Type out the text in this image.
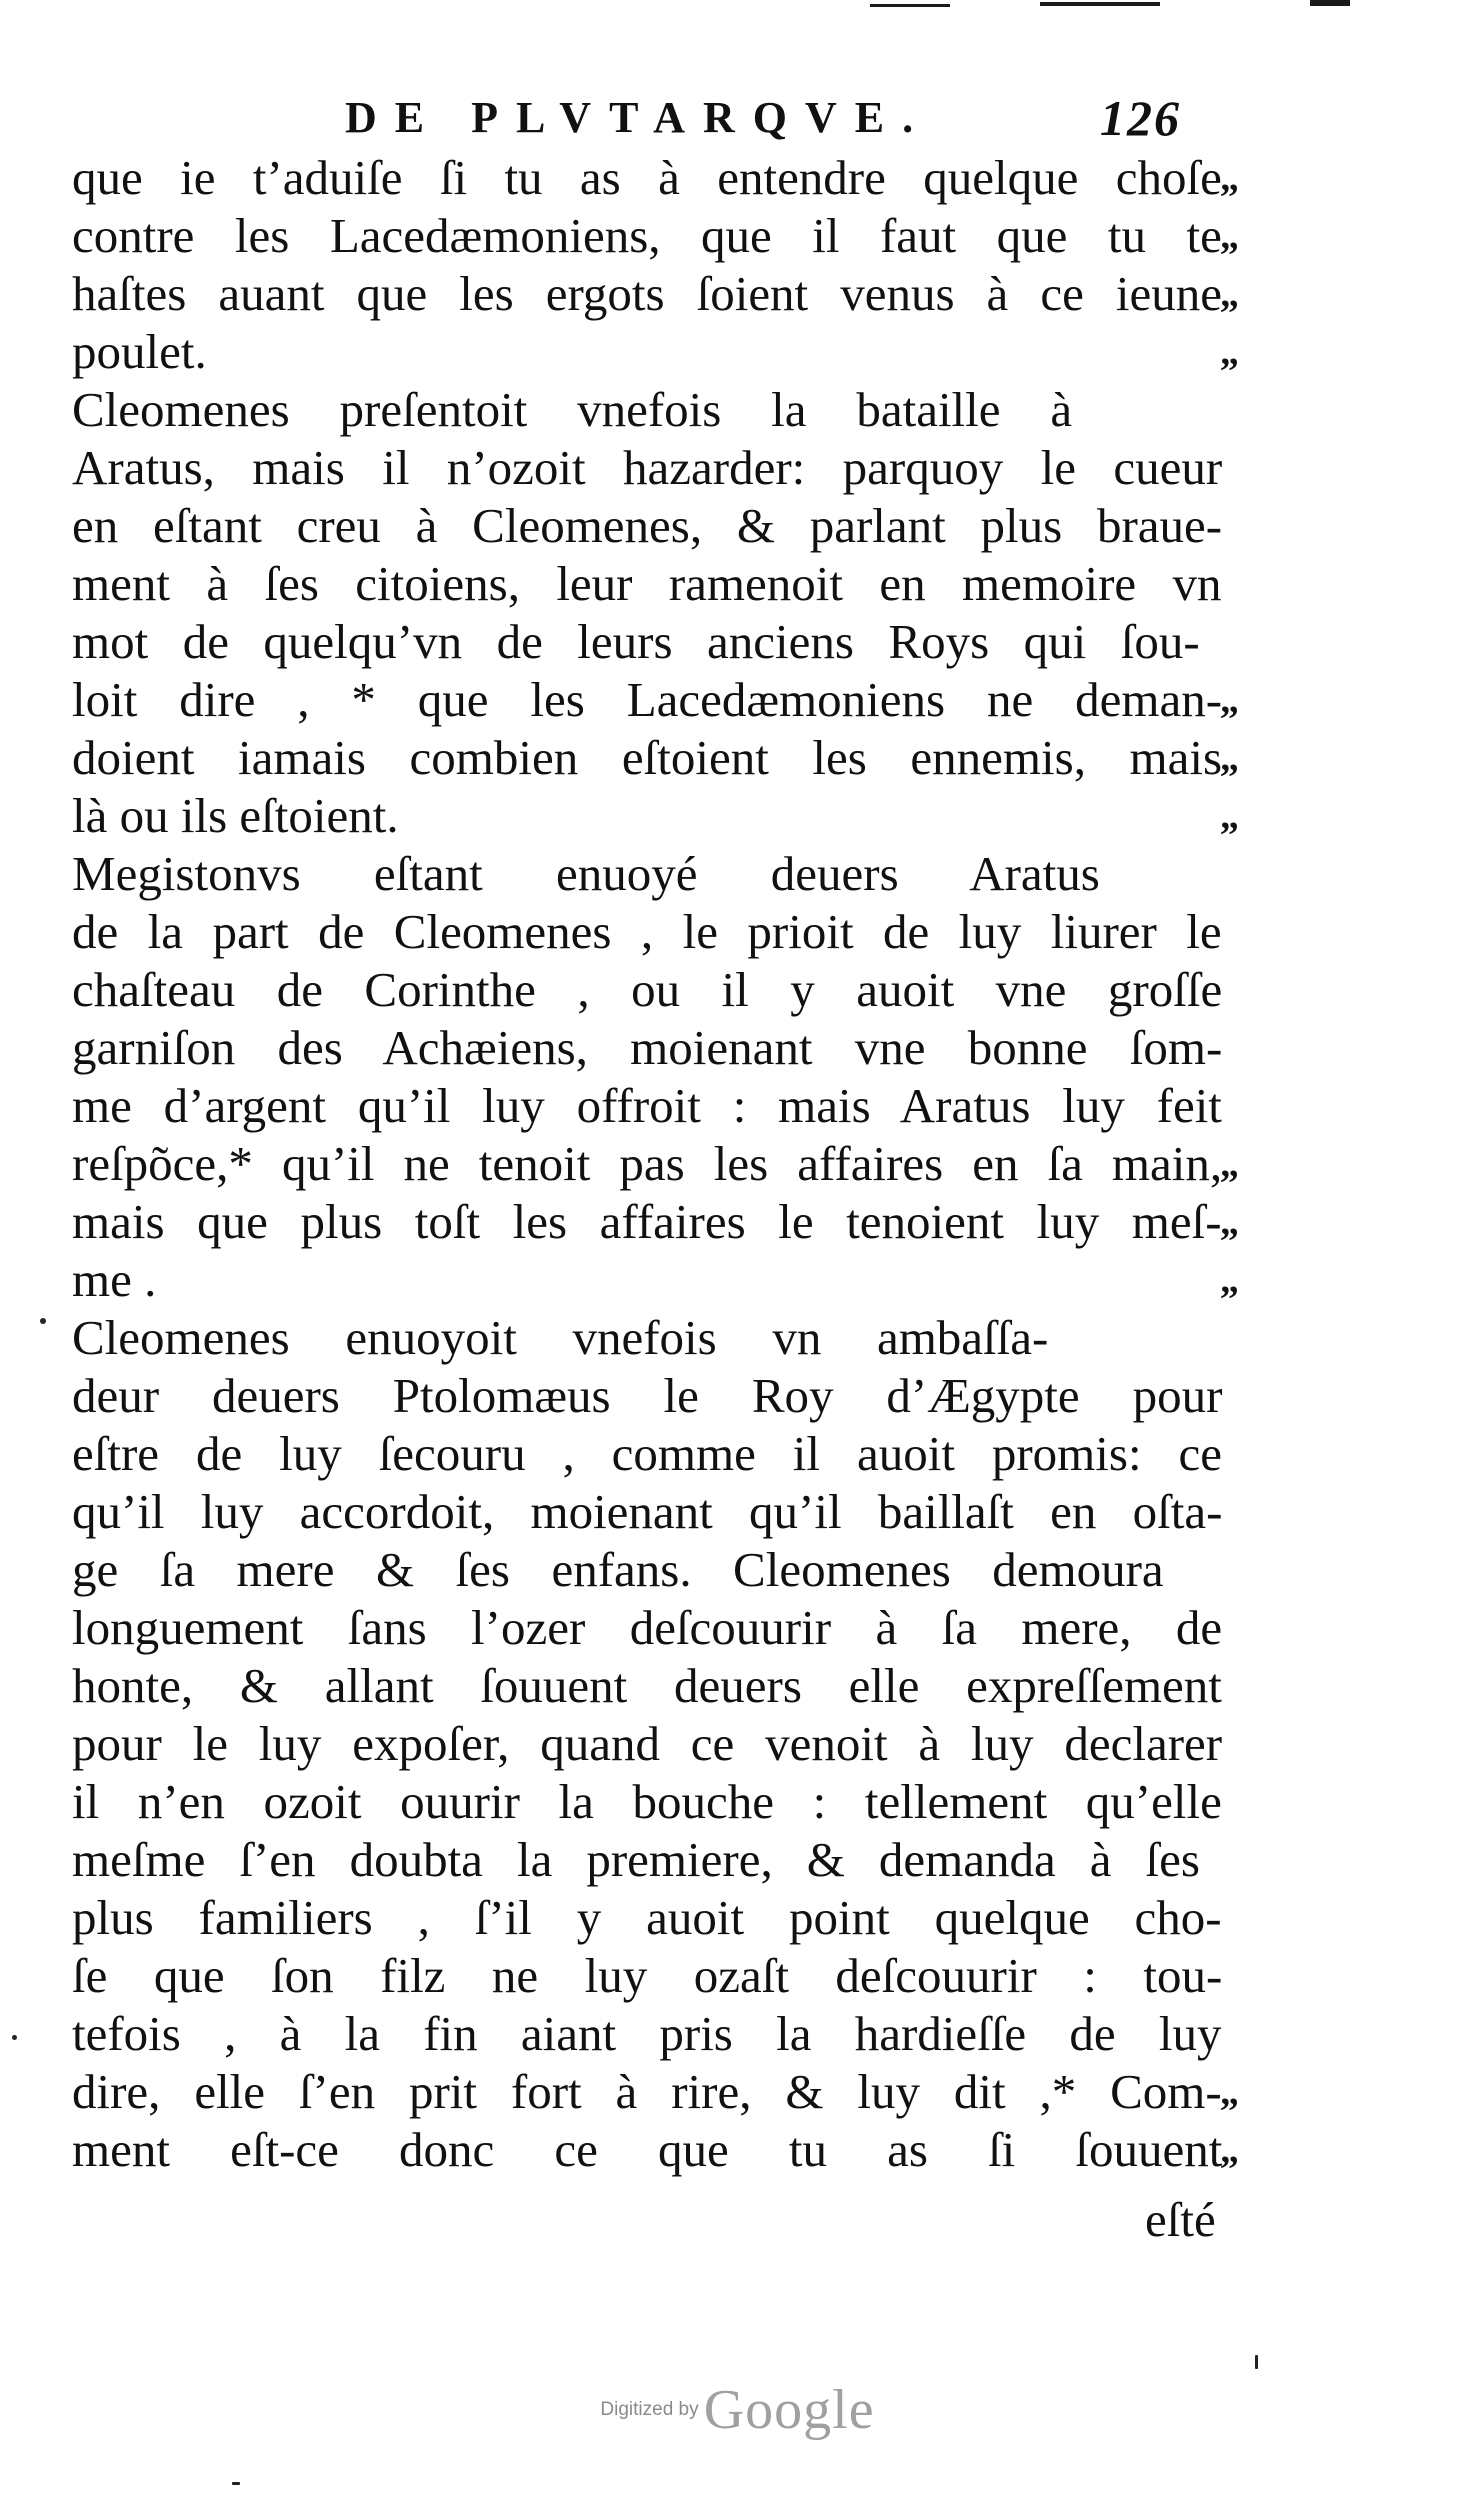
DE PLVTARQVE.	126
que ie t’aduiſe ſi tu as à entendre quelque choſe
„
contre les Lacedæmoniens, que il faut que tu te
„
haſtes auant que les ergots ſoient venus à ce ieune
„
poulet.	„
Cleomenes preſentoit vnefois la bataille à
Aratus, mais il n’ozoit hazarder: parquoy le cueur
en eſtant creu à Cleomenes, & parlant plus braue-
ment à ſes citoiens, leur ramenoit en memoire vn
mot de quelqu’vn de leurs anciens Roys qui ſou-
loit dire , * que les Lacedæmoniens ne deman-
„
doient iamais combien eſtoient les ennemis, mais
„
là ou ils eſtoient.	„
Megistonvs eſtant enuoyé deuers Aratus
de la part de Cleomenes , le prioit de luy liurer le
chaſteau de Corinthe , ou il y auoit vne groſſe
garniſon des Achæiens, moienant vne bonne ſom-
me d’argent qu’il luy offroit : mais Aratus luy feit
reſpõce,* qu’il ne tenoit pas les affaires en ſa main,
„
mais que plus toſt les affaires le tenoient luy meſ-
„
me .	„
Cleomenes enuoyoit vnefois vn ambaſſa-
deur deuers Ptolomæus le Roy d’Ægypte pour
eſtre de luy ſecouru , comme il auoit promis: ce
qu’il luy accordoit, moienant qu’il baillaſt en oſta-
ge ſa mere & ſes enfans. Cleomenes demoura
longuement ſans l’ozer deſcouurir à ſa mere, de
honte, & allant ſouuent deuers elle expreſſement
pour le luy expoſer, quand ce venoit à luy declarer
il n’en ozoit ouurir la bouche : tellement qu’elle
meſme ſ’en doubta la premiere, & demanda à ſes
plus familiers , ſ’il y auoit point quelque cho-
ſe que ſon filz ne luy ozaſt deſcouurir : tou-
tefois , à la fin aiant pris la hardieſſe de luy
dire, elle ſ’en prit fort à rire, & luy dit ,* Com-
„
ment eſt-ce donc ce que tu as ſi ſouuent
„
eſté
Digitized by Google
